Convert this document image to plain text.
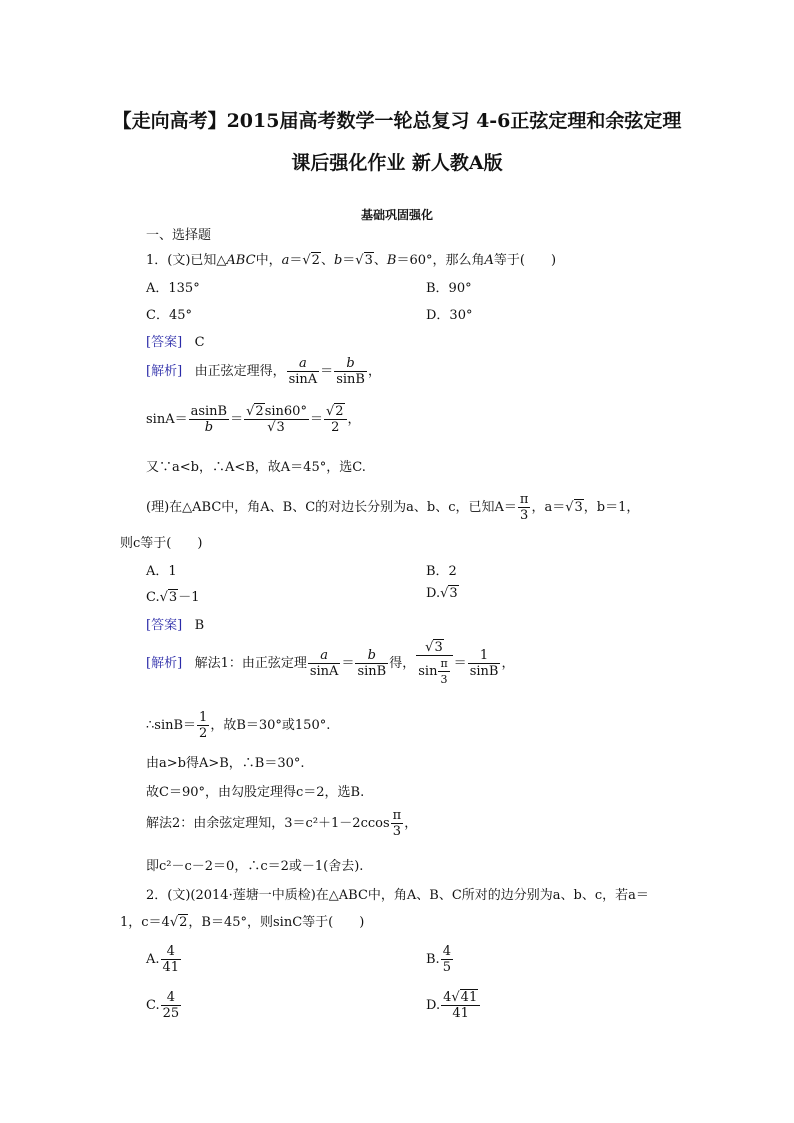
【走向高考】2015届高考数学一轮总复习 4-6正弦定理和余弦定理
课后强化作业 新人教A版
基础巩固强化
一、选择题
1．(文)已知△ABC中，a＝√2、b＝√3、B＝60°，那么角A等于(　　)
A．135°	B．90°
C．45°	D．30°
[答案] C
[解析] 由正弦定理得， $\frac{a}{\sin A} = \frac{b}{\sin B}$ ，
$\sin A= \frac{asinB}{b} = \frac{√2\sin 60^\circ}{√3} = \frac{√2}{2}$ ，
又∵a<b，∴A<B，故A＝45°，选C.
(理)在△ABC中，角A、B、C的对边长分别为a、b、c，已知$A= \frac{\pi}{3}$ ，a＝√3，b＝1，
则c等于(　　)
A．1	B．2
C.√3－1	D.√3
[答案] B
[解析] 解法1：由正弦定理 $\frac{a}{\sin A} = \frac{b}{\sin B}$ 得， $\frac{√3}{\sin \frac{\pi}{3}} = \frac{1}{\sin B}$ ，
∴sinB＝ $\frac{1}{2}$ ，故B＝30°或150°.
由a>b得A>B，∴B＝30°.
故C＝90°，由勾股定理得c＝2，选B.
解法2：由余弦定理知，$3=c^2+1-2ccos \frac{\pi}{3}$ ，
即c²－c－2＝0，∴c＝2或－1(舍去).
2．(文)(2014·莲塘一中质检)在△ABC中，角A、B、C所对的边分别为a、b、c，若a＝
1，c＝4√2，B＝45°，则sinC等于(　　)
A. $\frac{4}{41}$	B. $\frac{4}{5}$
C. $\frac{4}{25}$	D. $\frac{4√41}{41}$
